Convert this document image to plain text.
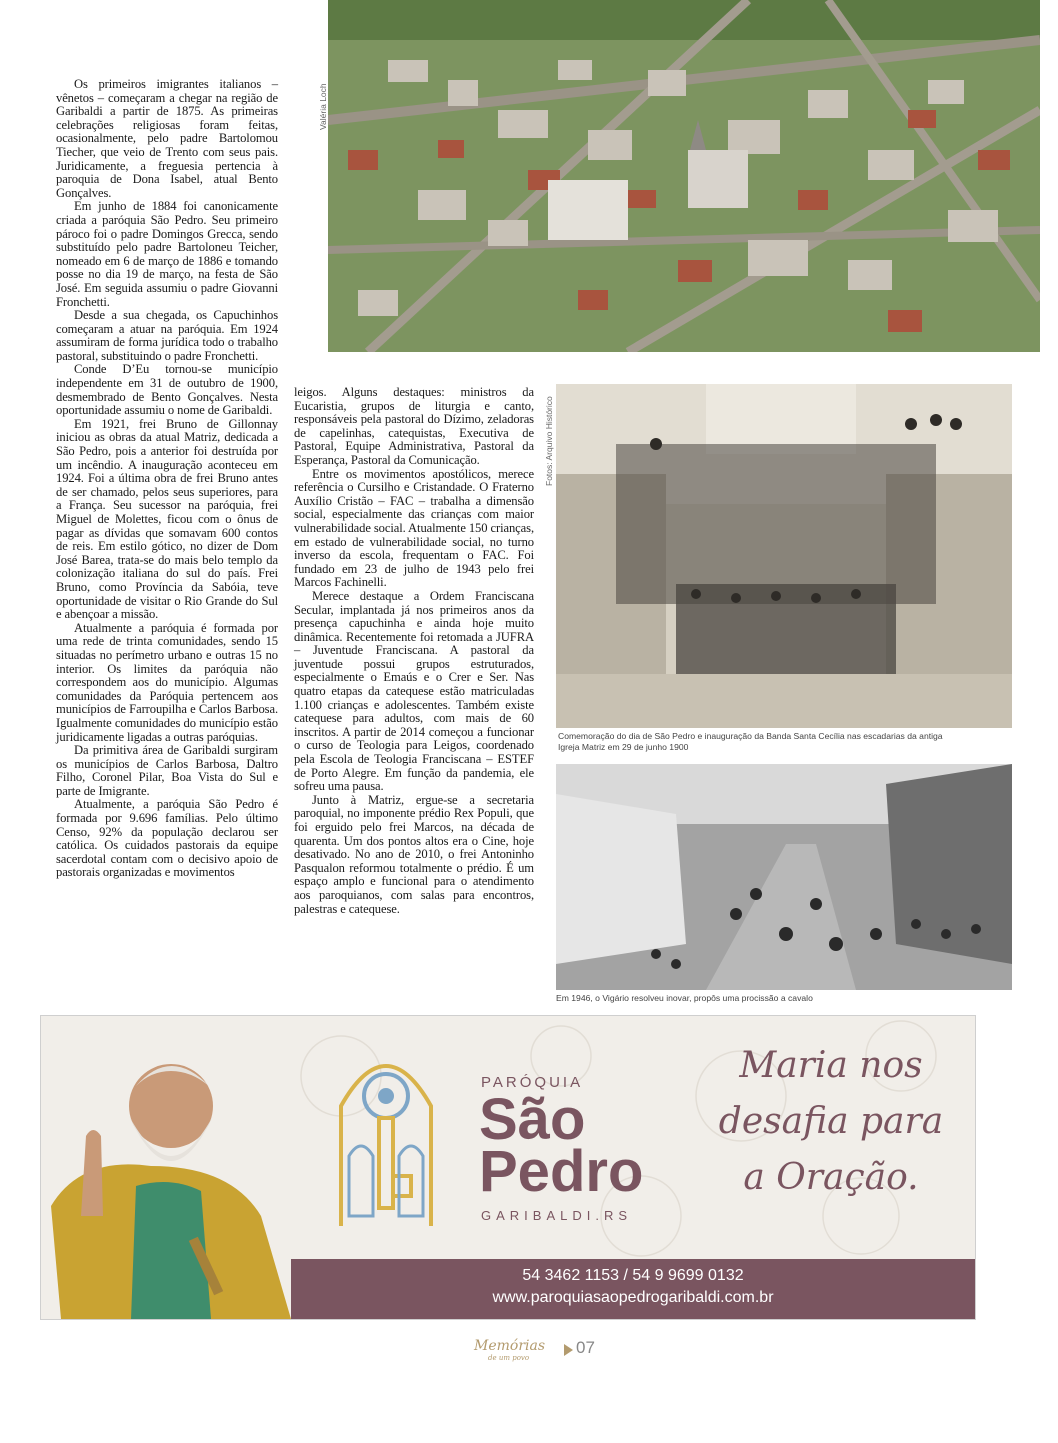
Valéria Loch

Os primeiros imigrantes italianos – vênetos – começaram a chegar na região de Garibaldi a partir de 1875. As primeiras celebrações religiosas foram feitas, ocasionalmente, pelo padre Bartolomou Tiecher, que veio de Trento com seus pais. Juridicamente, a freguesia pertencia à paroquia de Dona Isabel, atual Bento Gonçalves.

Em junho de 1884 foi canonicamente criada a paróquia São Pedro. Seu primeiro pároco foi o padre Domingos Grecca, sendo substituído pelo padre Bartoloneu Teicher, nomeado em 6 de março de 1886 e tomando posse no dia 19 de março, na festa de São José. Em seguida assumiu o padre Giovanni Fronchetti.

Desde a sua chegada, os Capuchinhos começaram a atuar na paróquia. Em 1924 assumiram de forma jurídica todo o trabalho pastoral, substituindo o padre Fronchetti.

Conde D’Eu tornou-se município independente em 31 de outubro de 1900, desmembrado de Bento Gonçalves. Nesta oportunidade assumiu o nome de Garibaldi.

Em 1921, frei Bruno de Gillonnay iniciou as obras da atual Matriz, dedicada a São Pedro, pois a anterior foi destruída por um incêndio. A inauguração aconteceu em 1924. Foi a última obra de frei Bruno antes de ser chamado, pelos seus superiores, para a França. Seu sucessor na paróquia, frei Miguel de Molettes, ficou com o ônus de pagar as dívidas que somavam 600 contos de reis. Em estilo gótico, no dizer de Dom José Barea, trata-se do mais belo templo da colonização italiana do sul do país. Frei Bruno, como Província da Sabóia, teve oportunidade de visitar o Rio Grande do Sul e abençoar a missão.

Atualmente a paróquia é formada por uma rede de trinta comunidades, sendo 15 situadas no perímetro urbano e outras 15 no interior. Os limites da paróquia não correspondem aos do município. Algumas comunidades da Paróquia pertencem aos municípios de Farroupilha e Carlos Barbosa. Igualmente comunidades do município estão juridicamente ligadas a outras paróquias.

Da primitiva área de Garibaldi surgiram os municípios de Carlos Barbosa, Daltro Filho, Coronel Pilar, Boa Vista do Sul e parte de Imigrante.

Atualmente, a paróquia São Pedro é formada por 9.696 famílias. Pelo último Censo, 92% da população declarou ser católica. Os cuidados pastorais da equipe sacerdotal contam com o decisivo apoio de pastorais organizadas e movimentos

leigos. Alguns destaques: ministros da Eucaristia, grupos de liturgia e canto, responsáveis pela pastoral do Dízimo, zeladoras de capelinhas, catequistas, Executiva de Pastoral, Equipe Administrativa, Pastoral da Esperança, Pastoral da Comunicação.

Entre os movimentos apostólicos, merece referência o Cursilho e Cristandade. O Fraterno Auxílio Cristão – FAC – trabalha a dimensão social, especialmente das crianças com maior vulnerabilidade social. Atualmente 150 crianças, em estado de vulnerabilidade social, no turno inverso da escola, frequentam o FAC. Foi fundado em 23 de julho de 1943 pelo frei Marcos Fachinelli.

Merece destaque a Ordem Franciscana Secular, implantada já nos primeiros anos da presença capuchinha e ainda hoje muito dinâmica. Recentemente foi retomada a JUFRA – Juventude Franciscana. A pastoral da juventude possui grupos estruturados, especialmente o Emaús e o Crer e Ser. Nas quatro etapas da catequese estão matriculadas 1.100 crianças e adolescentes. Também existe catequese para adultos, com mais de 60 inscritos. A partir de 2014 começou a funcionar o curso de Teologia para Leigos, coordenado pela Escola de Teologia Franciscana – ESTEF de Porto Alegre. Em função da pandemia, ele sofreu uma pausa.

Junto à Matriz, ergue-se a secretaria paroquial, no imponente prédio Rex Populi, que foi erguido pelo frei Marcos, na década de quarenta. Um dos pontos altos era o Cine, hoje desativado. No ano de 2010, o frei Antoninho Pasqualon reformou totalmente o prédio. É um espaço amplo e funcional para o atendimento aos paroquianos, com salas para encontros, palestras e catequese.

Fotos: Arquivo Histórico
Comemoração do dia de São Pedro e inauguração da Banda Santa Cecília nas escadarias da antiga
Igreja Matriz em 29 de junho 1900
Em 1946, o Vigário resolveu inovar, propôs uma procissão a cavalo
PARÓQUIA
São
Pedro
GARIBALDI.RS
Maria nos
desafia para
a Oração.
54 3462 1153 / 54 9 9699 0132
www.paroquiasaopedrogaribaldi.com.br
Memórias
de um povo
07
